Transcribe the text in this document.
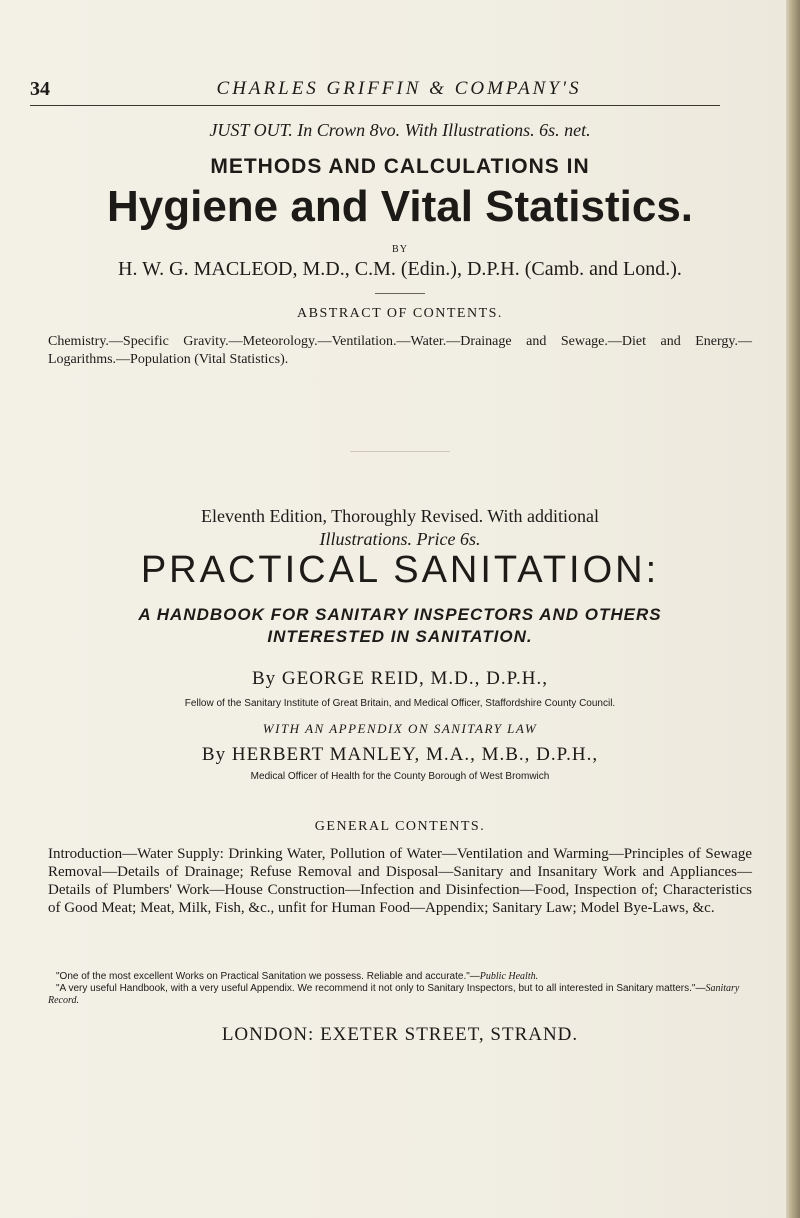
34	CHARLES GRIFFIN & COMPANY'S
JUST OUT. In Crown 8vo. With Illustrations. 6s. net.
METHODS AND CALCULATIONS IN
Hygiene and Vital Statistics.
BY
H. W. G. MACLEOD, M.D., C.M. (Edin.), D.P.H. (Camb. and Lond.).
ABSTRACT OF CONTENTS.
Chemistry.—Specific Gravity.—Meteorology.—Ventilation.—Water.—Drainage and Sewage.—Diet and Energy.—Logarithms.—Population (Vital Statistics).
Eleventh Edition, Thoroughly Revised. With additional
Illustrations. Price 6s.
PRACTICAL SANITATION:
A HANDBOOK FOR SANITARY INSPECTORS AND OTHERS
INTERESTED IN SANITATION.
By GEORGE REID, M.D., D.P.H.,
Fellow of the Sanitary Institute of Great Britain, and Medical Officer, Staffordshire County Council.
WITH AN APPENDIX ON SANITARY LAW
By HERBERT MANLEY, M.A., M.B., D.P.H.,
Medical Officer of Health for the County Borough of West Bromwich
GENERAL CONTENTS.
Introduction—Water Supply: Drinking Water, Pollution of Water—Ventilation and Warming—Principles of Sewage Removal—Details of Drainage; Refuse Removal and Disposal—Sanitary and Insanitary Work and Appliances—Details of Plumbers' Work—House Construction—Infection and Disinfection—Food, Inspection of; Characteristics of Good Meat; Meat, Milk, Fish, &c., unfit for Human Food—Appendix; Sanitary Law; Model Bye-Laws, &c.

"One of the most excellent Works on Practical Sanitation we possess. Reliable and accurate."—Public Health.

"A very useful Handbook, with a very useful Appendix. We recommend it not only to Sanitary Inspectors, but to all interested in Sanitary matters."—Sanitary Record.

LONDON: EXETER STREET, STRAND.
